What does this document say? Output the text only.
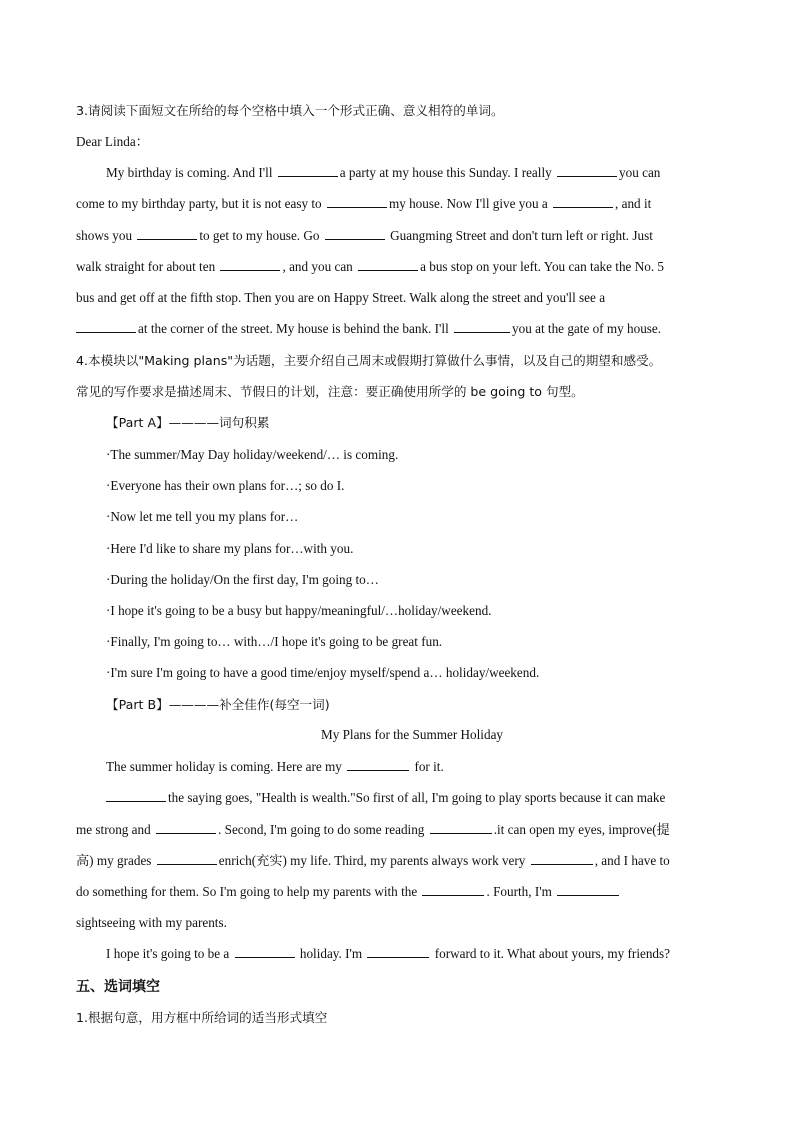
3.请阅读下面短文在所给的每个空格中填入一个形式正确、意义相符的单词。
Dear Linda：
My birthday is coming. And I'll	a party at my house this Sunday. I really	you can
come to my birthday party, but it is not easy to	my house. Now I'll give you a	, and it
shows you	to get to my house. Go	Guangming Street and don't turn left or right. Just
walk straight for about ten	, and you can	a bus stop on your left. You can take the No. 5
bus and get off at the fifth stop. Then you are on Happy Street. Walk along the street and you'll see a
at the corner of the street. My house is behind the bank. I'll	you at the gate of my house.
4.本模块以"Making plans"为话题，主要介绍自己周末或假期打算做什么事情，以及自己的期望和感受。
常见的写作要求是描述周末、节假日的计划，注意：要正确使用所学的 be going to 句型。
【Part A】————词句积累
·The summer/May Day holiday/weekend/… is coming.
·Everyone has their own plans for…; so do I.
·Now let me tell you my plans for…
·Here I'd like to share my plans for…with you.
·During the holiday/On the first day, I'm going to…
·I hope it's going to be a busy but happy/meaningful/…holiday/weekend.
·Finally, I'm going to… with…/I hope it's going to be great fun.
·I'm sure I'm going to have a good time/enjoy myself/spend a… holiday/weekend.
【Part B】————补全佳作(每空一词)
My Plans for the Summer Holiday
The summer holiday is coming. Here are my	for it.
the saying goes, "Health is wealth."So first of all, I'm going to play sports because it can make
me strong and	. Second, I'm going to do some reading	.it can open my eyes, improve(提
高) my grades	enrich(充实) my life. Third, my parents always work very	, and I have to
do something for them. So I'm going to help my parents with the	. Fourth, I'm
sightseeing with my parents.
I hope it's going to be a	holiday. I'm	forward to it. What about yours, my friends?
五、选词填空
1.根据句意，用方框中所给词的适当形式填空
